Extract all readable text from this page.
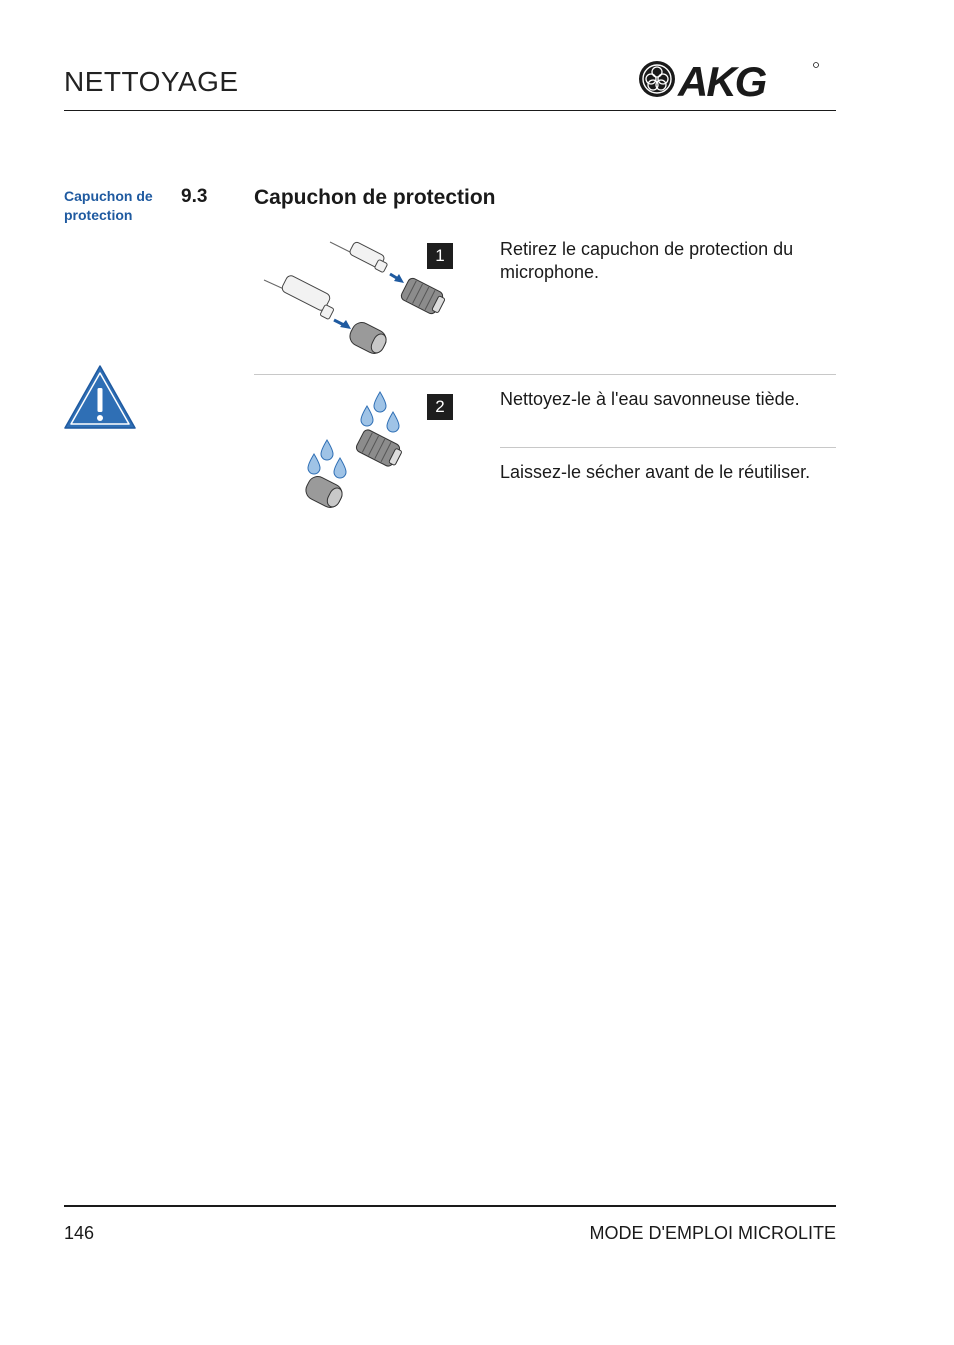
NETTOYAGE	AKG
Capuchon de protection
9.3 Capuchon de protection
1	Retirez le capuchon de protection du microphone.
2	Nettoyez-le à l'eau savonneuse tiède.
Laissez-le sécher avant de le réutiliser.
146	MODE D'EMPLOI MICROLITE
